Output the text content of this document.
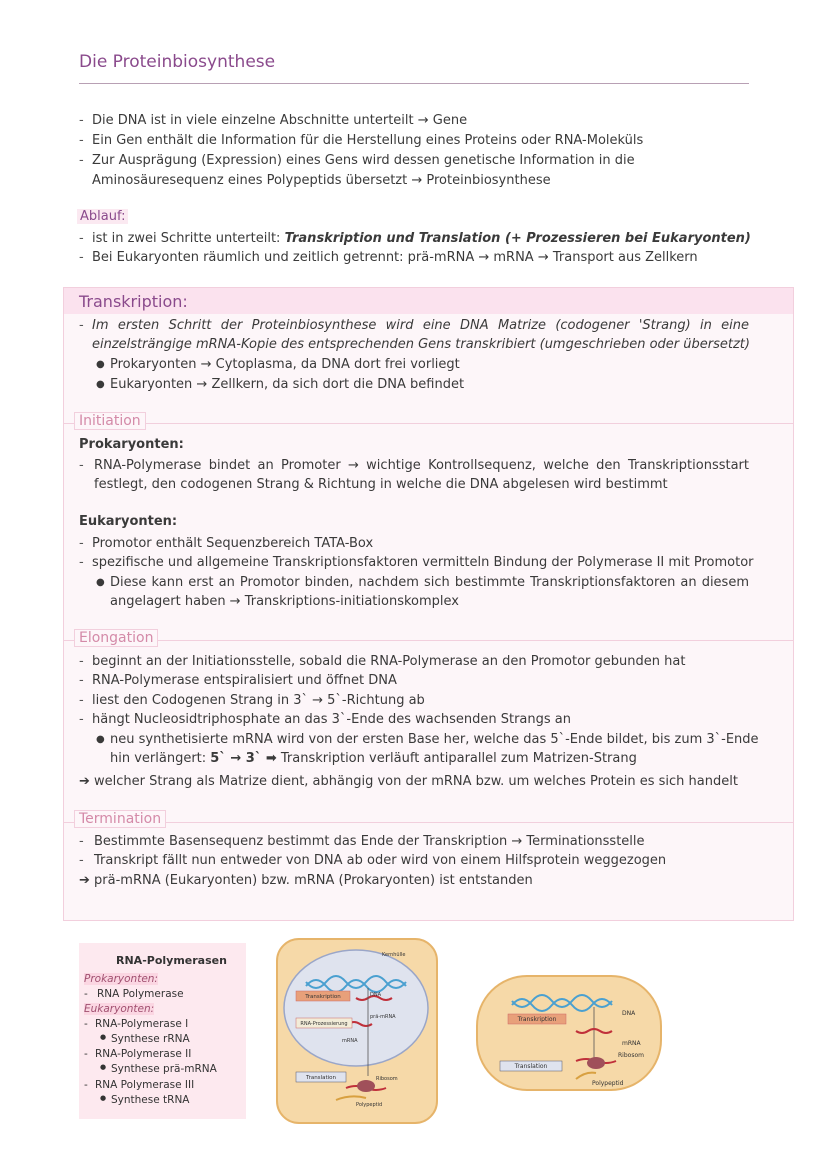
Die Proteinbiosynthese
- Die DNA ist in viele einzelne Abschnitte unterteilt → Gene
- Ein Gen enthält die Information für die Herstellung eines Proteins oder RNA-Moleküls
- Zur Ausprägung (Expression) eines Gens wird dessen genetische Information in die
Aminosäuresequenz eines Polypeptids übersetzt → Proteinbiosynthese
Ablauf:
- ist in zwei Schritte unterteilt: Transkription und Translation (+ Prozessieren bei Eukaryonten)
- Bei Eukaryonten räumlich und zeitlich getrennt: prä-mRNA → mRNA → Transport aus Zellkern
Transkription:
- Im ersten Schritt der Proteinbiosynthese wird eine DNA Matrize (codogener 'Strang) in eine
einzelsträngige mRNA-Kopie des entsprechenden Gens transkribiert (umgeschrieben oder übersetzt)
● Prokaryonten → Cytoplasma, da DNA dort frei vorliegt
● Eukaryonten → Zellkern, da sich dort die DNA befindet
Initiation
Prokaryonten:
- RNA-Polymerase bindet an Promoter → wichtige Kontrollsequenz, welche den Transkriptionsstart
festlegt, den codogenen Strang & Richtung in welche die DNA abgelesen wird bestimmt
Eukaryonten:
- Promotor enthält Sequenzbereich TATA-Box
- spezifische und allgemeine Transkriptionsfaktoren vermitteln Bindung der Polymerase II mit Promotor
● Diese kann erst an Promotor binden, nachdem sich bestimmte Transkriptionsfaktoren an diesem
angelagert haben → Transkriptions-initiationskomplex
Elongation
- beginnt an der Initiationsstelle, sobald die RNA-Polymerase an den Promotor gebunden hat
- RNA-Polymerase entspiralisiert und öffnet DNA
- liest den Codogenen Strang in 3` → 5`-Richtung ab
- hängt Nucleosidtriphosphate an das 3`-Ende des wachsenden Strangs an
● neu synthetisierte mRNA wird von der ersten Base her, welche das 5`-Ende bildet, bis zum 3`-Ende
hin verlängert: 5` → 3` ➡ Transkription verläuft antiparallel zum Matrizen-Strang
➔ welcher Strang als Matrize dient, abhängig von der mRNA bzw. um welches Protein es sich handelt
Termination
- Bestimmte Basensequenz bestimmt das Ende der Transkription → Terminationsstelle
- Transkript fällt nun entweder von DNA ab oder wird von einem Hilfsprotein weggezogen
➔ prä-mRNA (Eukaryonten) bzw. mRNA (Prokaryonten) ist entstanden
RNA-Polymerasen
Prokaryonten:
- RNA Polymerase
Eukaryonten:
- RNA-Polymerase I
● Synthese rRNA
- RNA-Polymerase II
● Synthese prä-mRNA
- RNA Polymerase III
● Synthese tRNA
Transkription
RNA-Prozessierung
Kernhülle
DNA
prä-mRNA
mRNA
Translation	Ribosom
Polypeptid
DNA
Transkription
mRNA
Translation
Ribosom
Polypeptid
